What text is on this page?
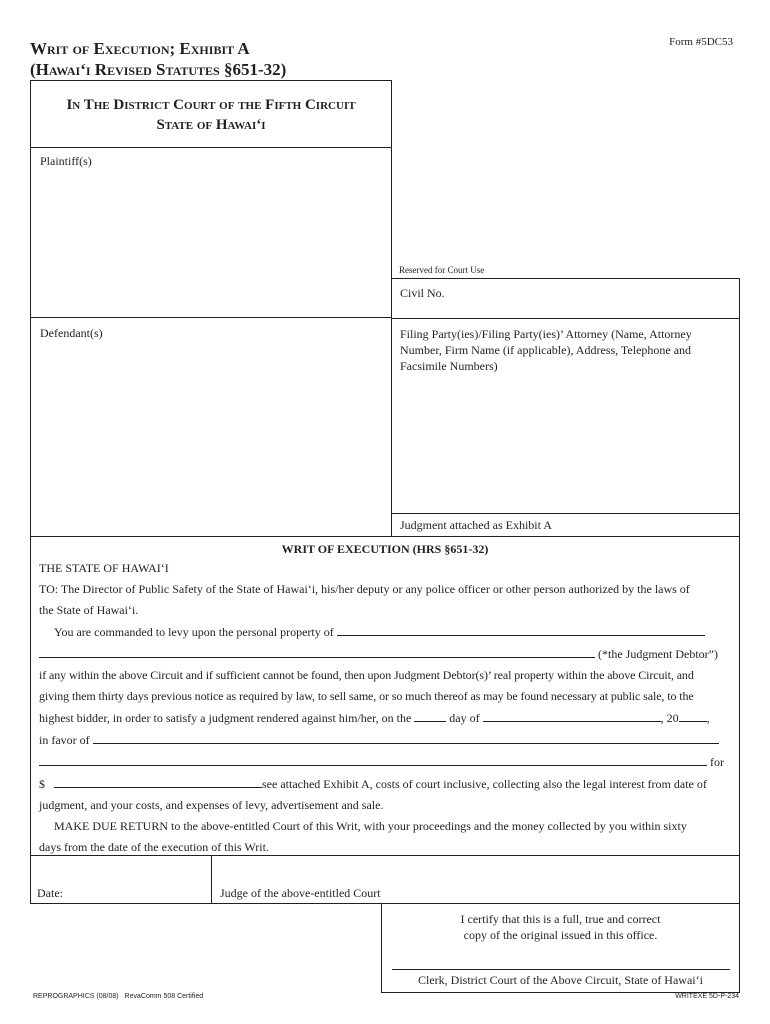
Writ of Execution; Exhibit A
(Hawai‘i Revised Statutes §651-32)
Form #5DC53
In The District Court of the Fifth Circuit
State of Hawai‘i
Plaintiff(s)
Defendant(s)
Reserved for Court Use
Civil No.
Filing Party(ies)/Filing Party(ies)’ Attorney (Name, Attorney Number, Firm Name (if applicable), Address, Telephone and Facsimile Numbers)
Judgment attached as Exhibit A
WRIT OF EXECUTION (HRS §651-32)
THE STATE OF HAWAI‘I
TO: The Director of Public Safety of the State of Hawai‘i, his/her deputy or any police officer or other person authorized by the laws of
the State of Hawai‘i.
You are commanded to levy upon the personal property of
(*the Judgment Debtor”)
if any within the above Circuit and if sufficient cannot be found, then upon Judgment Debtor(s)’ real property within the above Circuit, and
giving them thirty days previous notice as required by law, to sell same, or so much thereof as may be found necessary at public sale, to the
highest bidder, in order to satisfy a judgment rendered against him/her, on the	day of	, 20 ,
in favor of
for
$	see attached Exhibit A, costs of court inclusive, collecting also the legal interest from date of
judgment, and your costs, and expenses of levy, advertisement and sale.
MAKE DUE RETURN to the above-entitled Court of this Writ, with your proceedings and the money collected by you within sixty
days from the date of the execution of this Writ.
Date:	Judge of the above-entitled Court
I certify that this is a full, true and correct
copy of the original issued in this office.
Clerk, District Court of the Above Circuit, State of Hawai‘i
REPROGRAPHICS (08/08) RevaComm 508 Certified	WRITEXE 5D-P-234
